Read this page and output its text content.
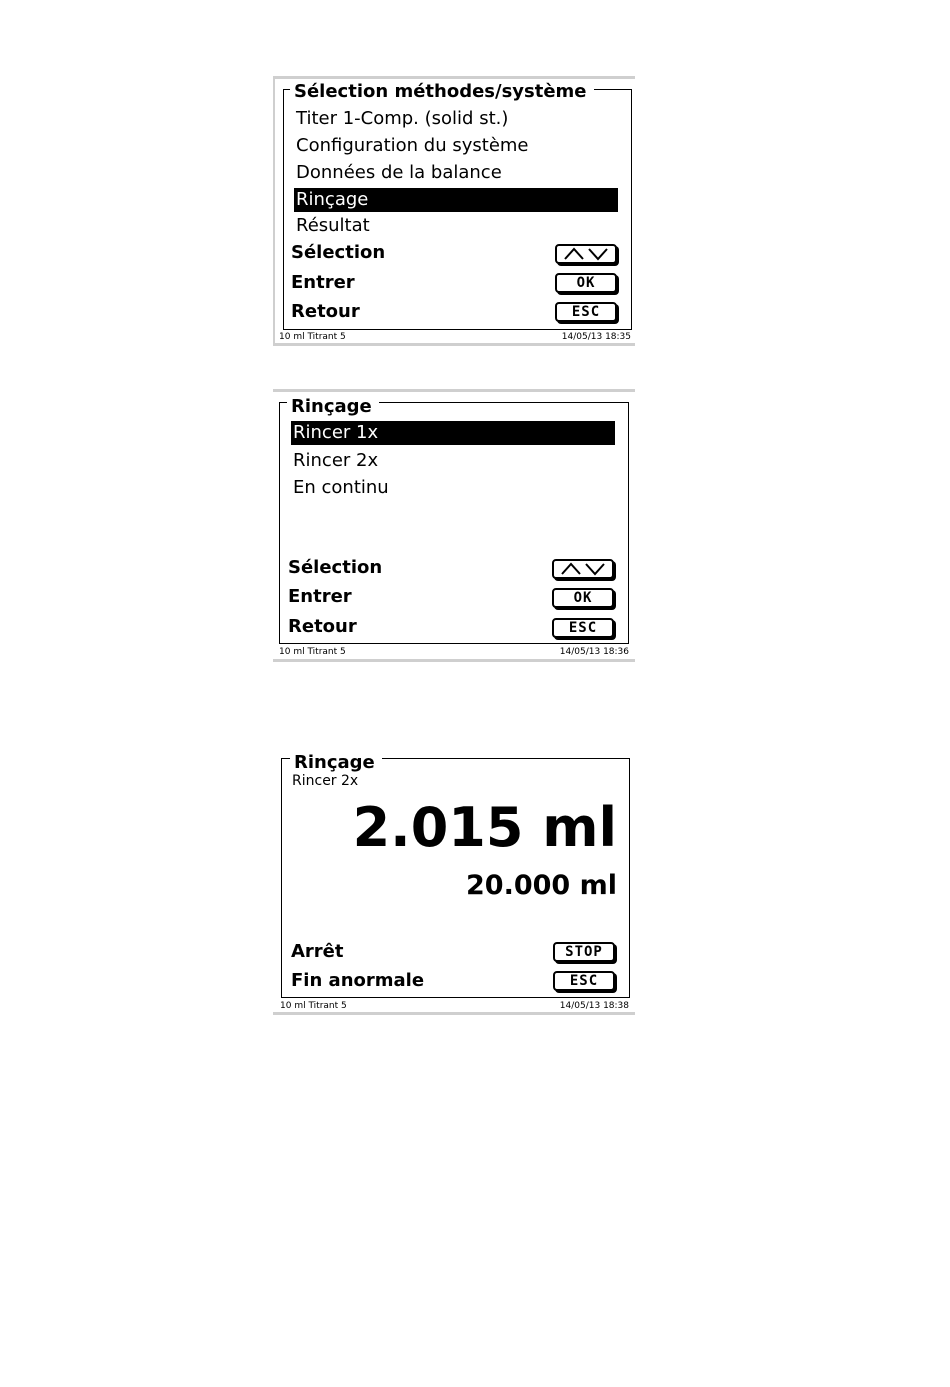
Sélection méthodes/système
Titer 1-Comp. (solid st.)
Configuration du système
Données de la balance
Rinçage
Résultat
Sélection
Entrer	OK
Retour	ESC
10 ml Titrant 5	14/05/13 18:35
Rinçage
Rincer 1x
Rincer 2x
En continu
Sélection
Entrer	OK
Retour	ESC
10 ml Titrant 5	14/05/13 18:36
Rinçage
Rincer 2x
2.015 ml
20.000 ml
Arrêt	STOP
Fin anormale	ESC
10 ml Titrant 5	14/05/13 18:38
